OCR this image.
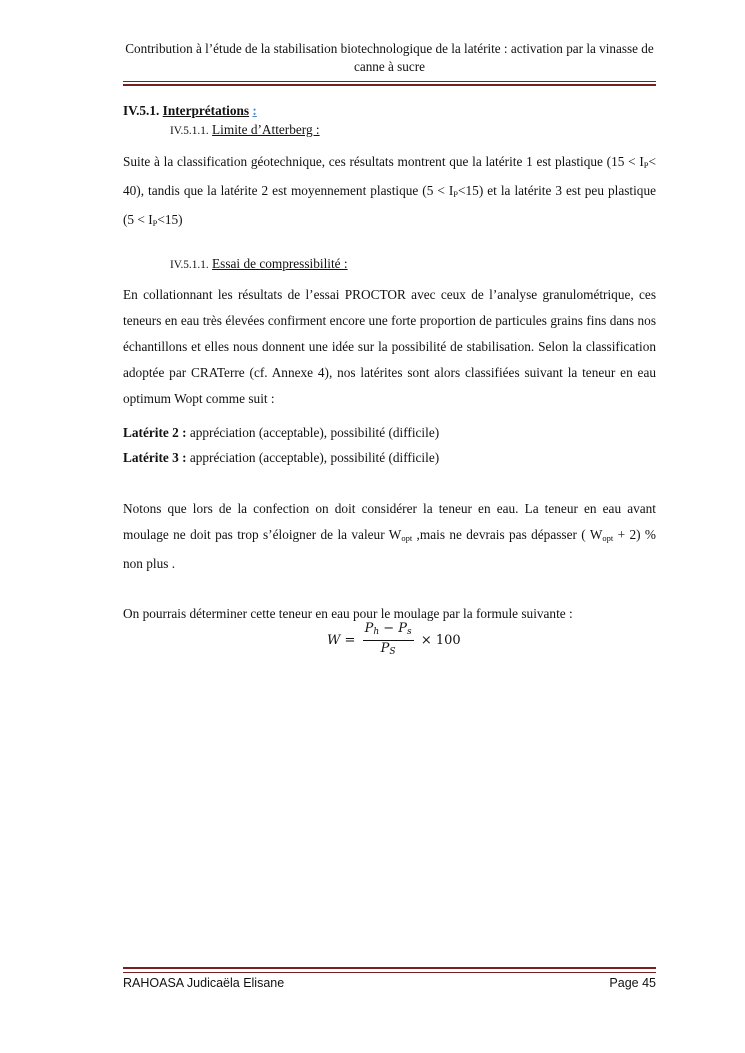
Contribution à l’étude de la stabilisation biotechnologique de la latérite : activation par la vinasse de canne à sucre
IV.5.1. Interprétations :
IV.5.1.1. Limite d’Atterberg :

Suite à la classification géotechnique, ces résultats montrent que la latérite 1 est plastique $(15 < I_P< 40)$, tandis que la latérite 2 est moyennement plastique $(5 < I_P<15)$ et la latérite 3 est peu plastique $(5 < I_P<15)$

IV.5.1.1. Essai de compressibilité :

En collationnant les résultats de l’essai PROCTOR avec ceux de l’analyse granulométrique, ces teneurs en eau très élevées confirment encore une forte proportion de particules grains fins dans nos échantillons et elles nous donnent une idée sur la possibilité de stabilisation. Selon la classification adoptée par CRATerre (cf. Annexe 4), nos latérites sont alors classifiées suivant la teneur en eau optimum Wopt comme suit :

Latérite 2 : appréciation (acceptable), possibilité (difficile)

Latérite 3 : appréciation (acceptable), possibilité (difficile)

Notons que lors de la confection on doit considérer la teneur en eau. La teneur en eau avant moulage ne doit pas trop s’éloigner de la valeur $W_{opt}$ ,mais ne devrais pas dépasser ( $W_{opt} + 2$) % non plus .

On pourrais déterminer cette teneur en eau pour le moulage par la formule suivante :

$W = \frac{Ph - Ps}{PS} \times 100$
RAHOASA Judicaëla Elisane	Page 45
